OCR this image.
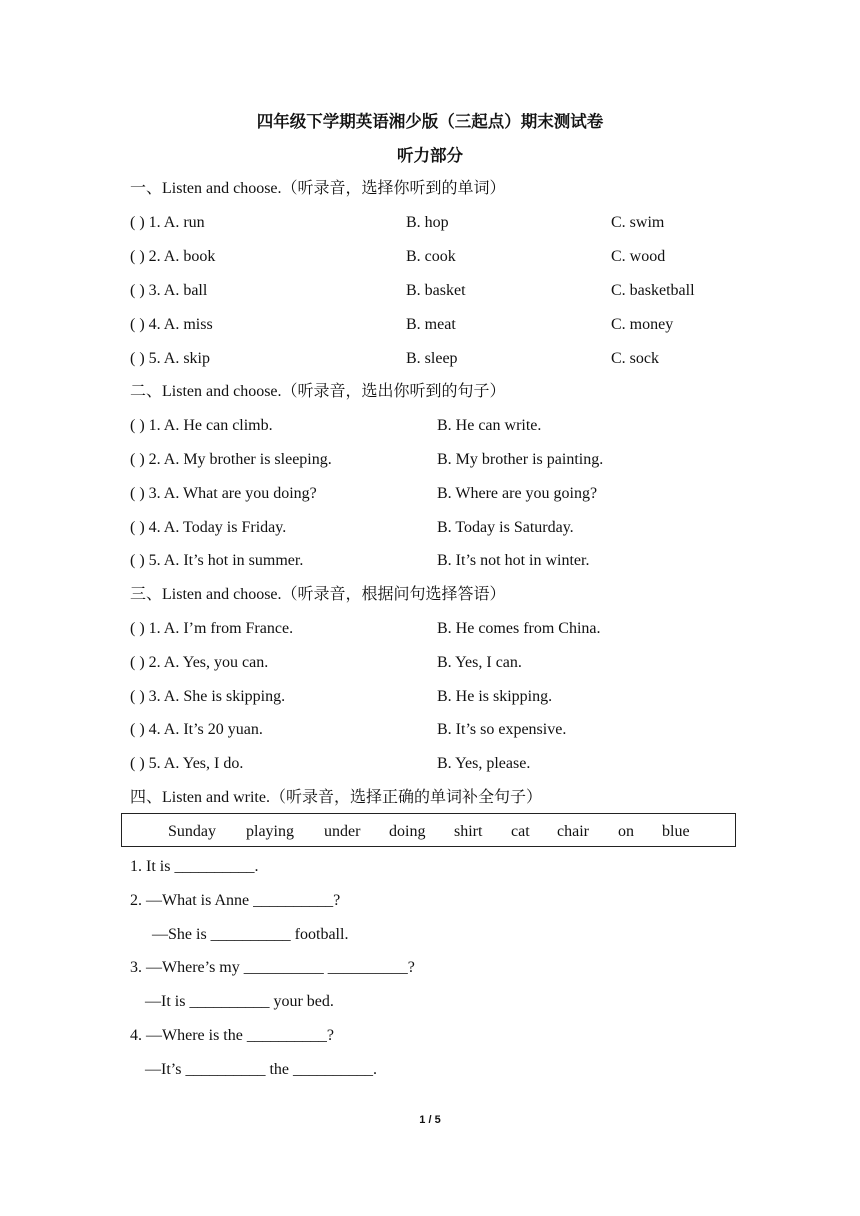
四年级下学期英语湘少版（三起点）期末测试卷
听力部分
一、Listen and choose.（听录音，选择你听到的单词）
( ) 1. A. run	B. hop	C. swim
( ) 2. A. book	B. cook	C. wood
( ) 3. A. ball	B. basket	C. basketball
( ) 4. A. miss	B. meat	C. money
( ) 5. A. skip	B. sleep	C. sock
二、Listen and choose.（听录音，选出你听到的句子）
( ) 1. A. He can climb.	B. He can write.
( ) 2. A. My brother is sleeping.	B. My brother is painting.
( ) 3. A. What are you doing?	B. Where are you going?
( ) 4. A. Today is Friday.	B. Today is Saturday.
( ) 5. A. It’s hot in summer.	B. It’s not hot in winter.
三、Listen and choose.（听录音，根据问句选择答语）
( ) 1. A. I’m from France.	B. He comes from China.
( ) 2. A. Yes, you can.	B. Yes, I can.
( ) 3. A. She is skipping.	B. He is skipping.
( ) 4. A. It’s 20 yuan.	B. It’s so expensive.
( ) 5. A. Yes, I do.	B. Yes, please.
四、Listen and write.（听录音，选择正确的单词补全句子）
Sunday playing under doing shirt cat chair on blue
1. It is __________.
2. —What is Anne __________?
—She is __________ football.
3. —Where’s my __________ __________?
—It is __________ your bed.
4. —Where is the __________?
—It’s __________ the __________.
1 / 5
